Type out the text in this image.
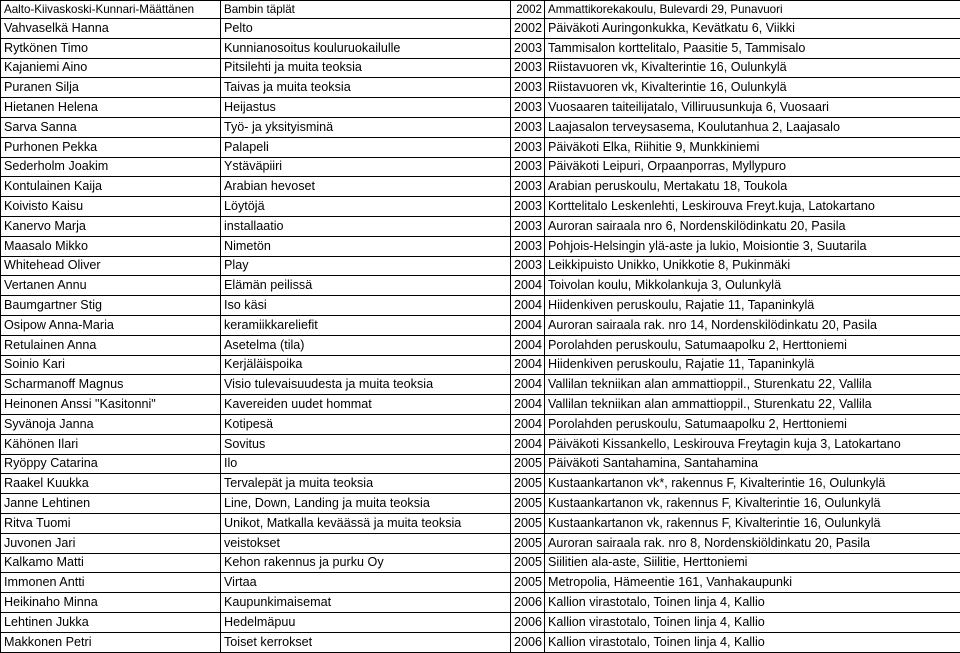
Aalto-Kiivaskoski-Kunnari-Määttänen	Bambin täplät	2002	Ammattikorekakoulu, Bulevardi 29, Punavuori
Vahvaselkä Hanna	Pelto	2002	Päiväkoti Auringonkukka, Kevätkatu 6, Viikki
Rytkönen Timo	Kunnianosoitus kouluruokailulle	2003	Tammisalon korttelitalo, Paasitie 5, Tammisalo
Kajaniemi Aino	Pitsilehti ja muita teoksia	2003	Riistavuoren vk, Kivalterintie 16, Oulunkylä
Puranen Silja	Taivas ja muita teoksia	2003	Riistavuoren vk, Kivalterintie 16, Oulunkylä
Hietanen Helena	Heijastus	2003	Vuosaaren taiteilijatalo, Villiruusunkuja 6, Vuosaari
Sarva Sanna	Työ- ja yksityisminä	2003	Laajasalon terveysasema, Koulutanhua 2, Laajasalo
Purhonen Pekka	Palapeli	2003	Päiväkoti Elka, Riihitie 9, Munkkiniemi
Sederholm Joakim	Ystäväpiiri	2003	Päiväkoti Leipuri, Orpaanporras, Myllypuro
Kontulainen Kaija	Arabian hevoset	2003	Arabian peruskoulu, Mertakatu 18, Toukola
Koivisto Kaisu	Löytöjä	2003	Korttelitalo Leskenlehti, Leskirouva Freyt.kuja, Latokartano
Kanervo Marja	installaatio	2003	Auroran sairaala nro 6, Nordenskilödinkatu 20, Pasila
Maasalo Mikko	Nimetön	2003	Pohjois-Helsingin ylä-aste ja lukio, Moisiontie 3, Suutarila
Whitehead Oliver	Play	2003	Leikkipuisto Unikko, Unikkotie 8, Pukinmäki
Vertanen Annu	Elämän peilissä	2004	Toivolan koulu, Mikkolankuja 3, Oulunkylä
Baumgartner Stig	Iso käsi	2004	Hiidenkiven peruskoulu, Rajatie 11, Tapaninkylä
Osipow Anna-Maria	keramiikkareliefit	2004	Auroran sairaala rak. nro 14, Nordenskilödinkatu 20, Pasila
Retulainen Anna	Asetelma (tila)	2004	Porolahden peruskoulu, Satumaapolku 2, Herttoniemi
Soinio Kari	Kerjäläispoika	2004	Hiidenkiven peruskoulu, Rajatie 11, Tapaninkylä
Scharmanoff Magnus	Visio tulevaisuudesta ja muita teoksia	2004	Vallilan tekniikan alan ammattioppil., Sturenkatu 22, Vallila
Heinonen Anssi "Kasitonni"	Kavereiden uudet hommat	2004	Vallilan tekniikan alan ammattioppil., Sturenkatu 22, Vallila
Syvänoja Janna	Kotipesä	2004	Porolahden peruskoulu, Satumaapolku 2, Herttoniemi
Kähönen Ilari	Sovitus	2004	Päiväkoti Kissankello, Leskirouva Freytagin kuja 3, Latokartano
Ryöppy Catarina	Ilo	2005	Päiväkoti Santahamina, Santahamina
Raakel Kuukka	Tervalepät ja muita teoksia	2005	Kustaankartanon vk*, rakennus F, Kivalterintie 16, Oulunkylä
Janne Lehtinen	Line, Down, Landing ja muita teoksia	2005	Kustaankartanon vk, rakennus F, Kivalterintie 16, Oulunkylä
Ritva Tuomi	Unikot, Matkalla keväässä ja muita teoksia	2005	Kustaankartanon vk, rakennus F, Kivalterintie 16, Oulunkylä
Juvonen Jari	veistokset	2005	Auroran sairaala rak. nro 8, Nordenskiöldinkatu 20, Pasila
Kalkamo Matti	Kehon rakennus ja purku Oy	2005	Siilitien ala-aste, Siilitie, Herttoniemi
Immonen Antti	Virtaa	2005	Metropolia, Hämeentie 161, Vanhakaupunki
Heikinaho Minna	Kaupunkimaisemat	2006	Kallion virastotalo, Toinen linja 4, Kallio
Lehtinen Jukka	Hedelmäpuu	2006	Kallion virastotalo, Toinen linja 4, Kallio
Makkonen Petri	Toiset kerrokset	2006	Kallion virastotalo, Toinen linja 4, Kallio
